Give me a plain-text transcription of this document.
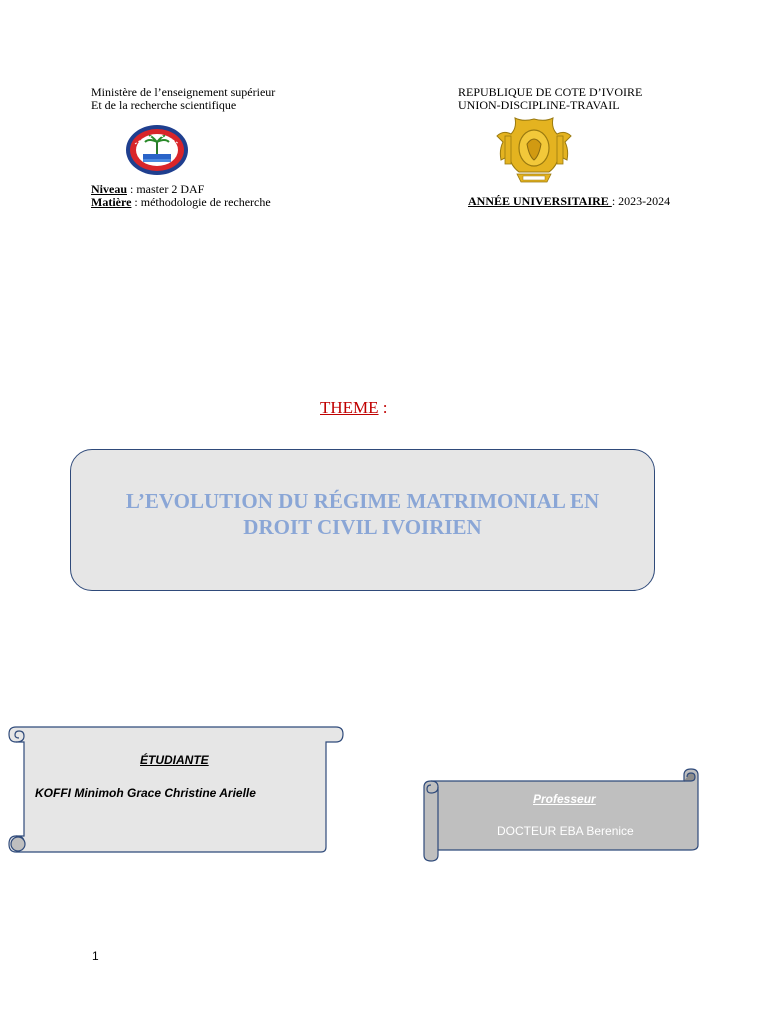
Ministère de l’enseignement supérieur
Et de la recherche scientifique
REPUBLIQUE DE COTE D’IVOIRE
UNION-DISCIPLINE-TRAVAIL
Niveau : master 2 DAF
Matière : méthodologie de recherche	ANNÉE UNIVERSITAIRE : 2023-2024
THEME :
L’EVOLUTION DU RÉGIME MATRIMONIAL EN
DROIT CIVIL IVOIRIEN
ÉTUDIANTE
KOFFI Minimoh Grace Christine Arielle	Professeur
DOCTEUR EBA Berenice
1
